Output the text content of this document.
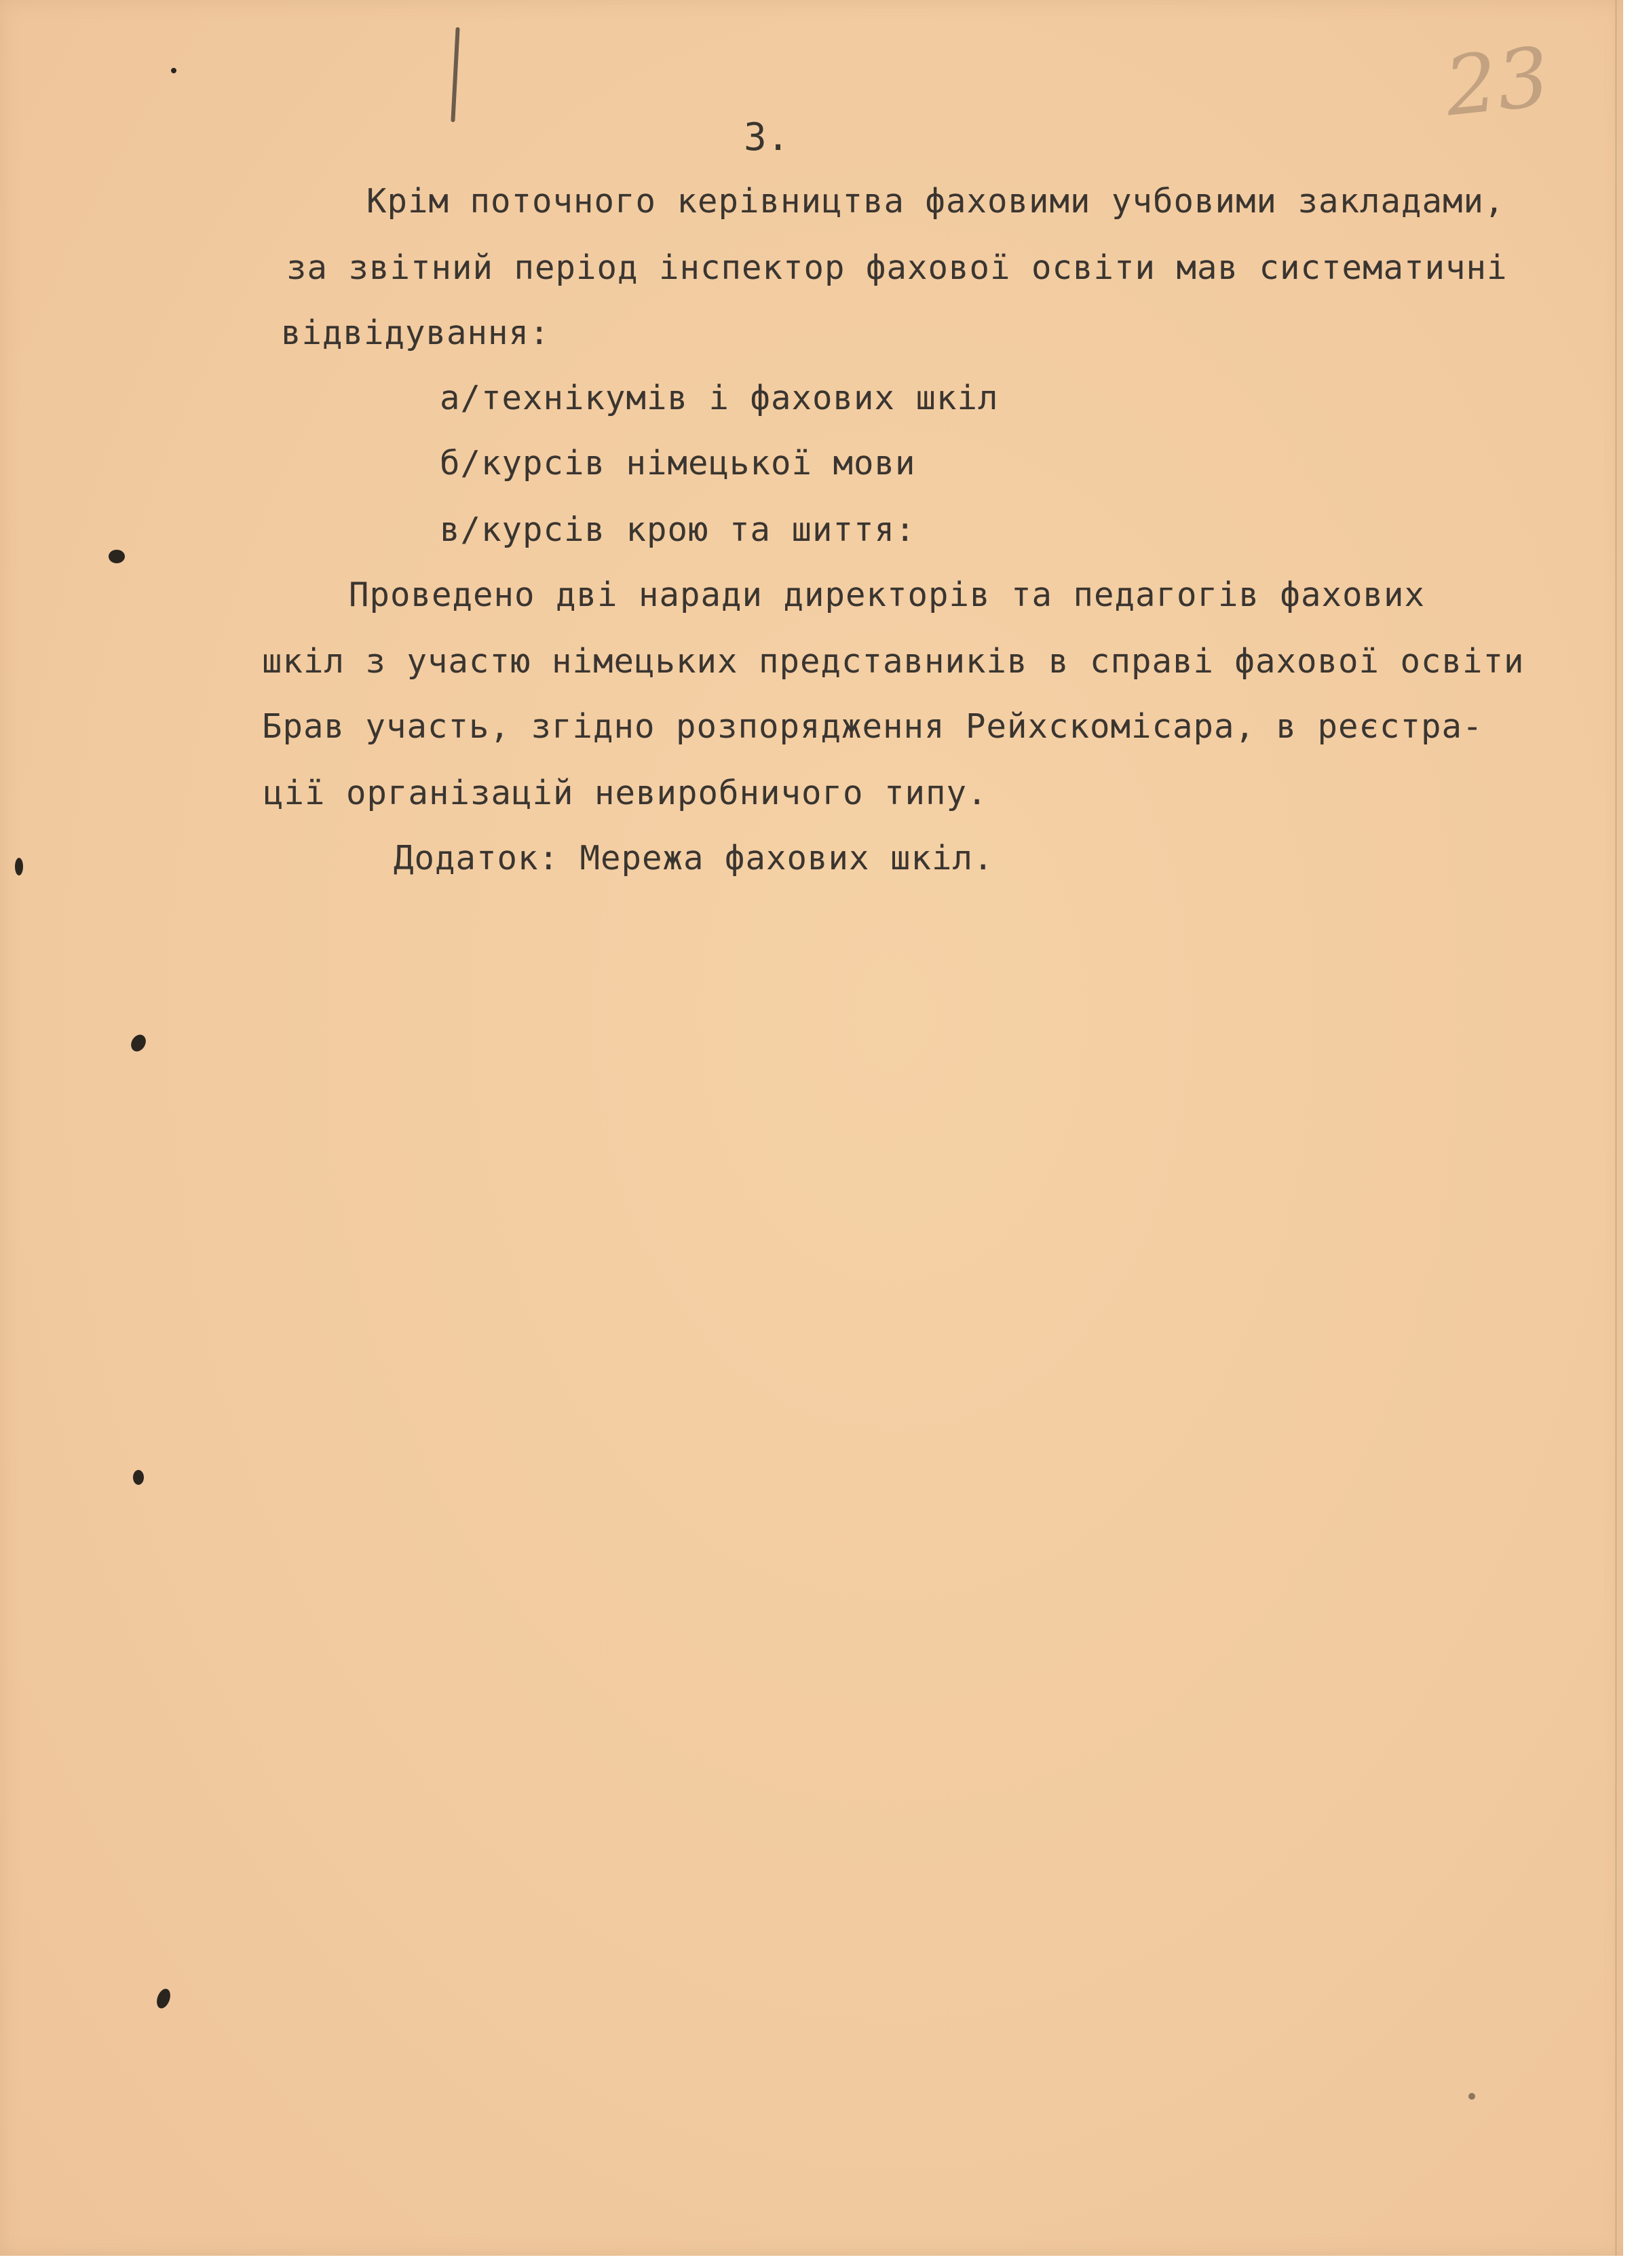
23
3.
Крім поточного керівництва фаховими учбовими закладами,
за звітний період інспектор фахової освіти мав систематичні
відвідування:
а/технікумів і фахових шкіл
б/курсів німецької мови
в/курсів крою та шиття:
Проведено дві наради директорів та педагогів фахових
шкіл з участю німецьких представників в справі фахової освіти
Брав участь, згідно розпорядження Рейхскомісара, в реєстра-
ції організацій невиробничого типу.
Додаток: Мережа фахових шкіл.
